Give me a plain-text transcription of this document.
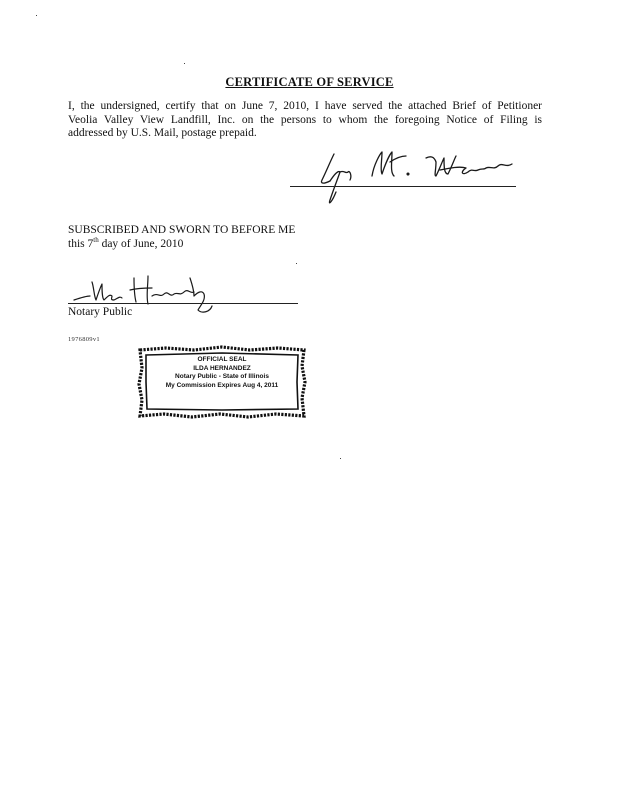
CERTIFICATE OF SERVICE
I, the undersigned, certify that on June 7, 2010, I have served the attached Brief of Petitioner
Veolia Valley View Landfill, Inc. on the persons to whom the foregoing Notice of Filing is
addressed by U.S. Mail, postage prepaid.
SUBSCRIBED AND SWORN TO BEFORE ME
this 7th day of June, 2010
Notary Public
1976809v1
OFFICIAL SEAL
ILDA HERNANDEZ
Notary Public - State of Illinois
My Commission Expires Aug 4, 2011
